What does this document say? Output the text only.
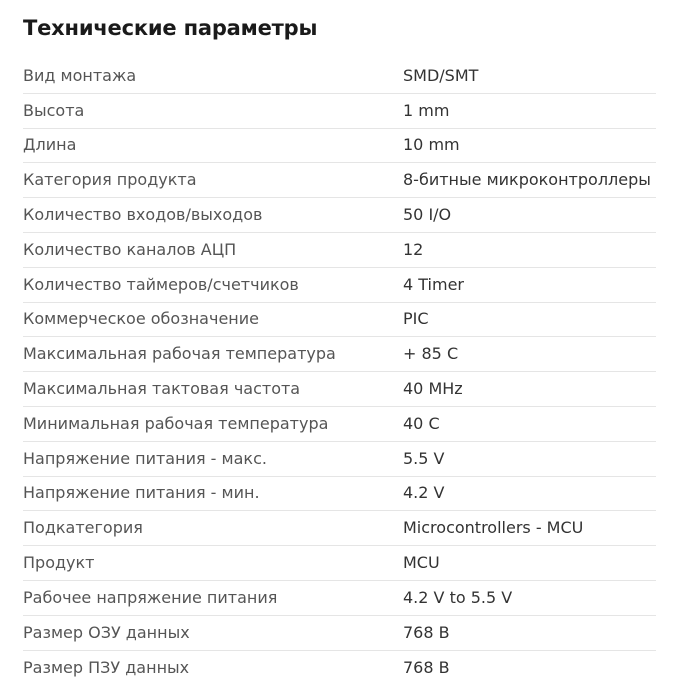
Технические параметры
Вид монтажа	SMD/SMT
Высота	1 mm
Длина	10 mm
Категория продукта	8-битные микроконтроллеры
Количество входов/выходов	50 I/O
Количество каналов АЦП	12
Количество таймеров/счетчиков	4 Timer
Коммерческое обозначение	PIC
Максимальная рабочая температура	+ 85 C
Максимальная тактовая частота	40 MHz
Минимальная рабочая температура	40 C
Напряжение питания - макс.	5.5 V
Напряжение питания - мин.	4.2 V
Подкатегория	Microcontrollers - MCU
Продукт	MCU
Рабочее напряжение питания	4.2 V to 5.5 V
Размер ОЗУ данных	768 B
Размер ПЗУ данных	768 B
